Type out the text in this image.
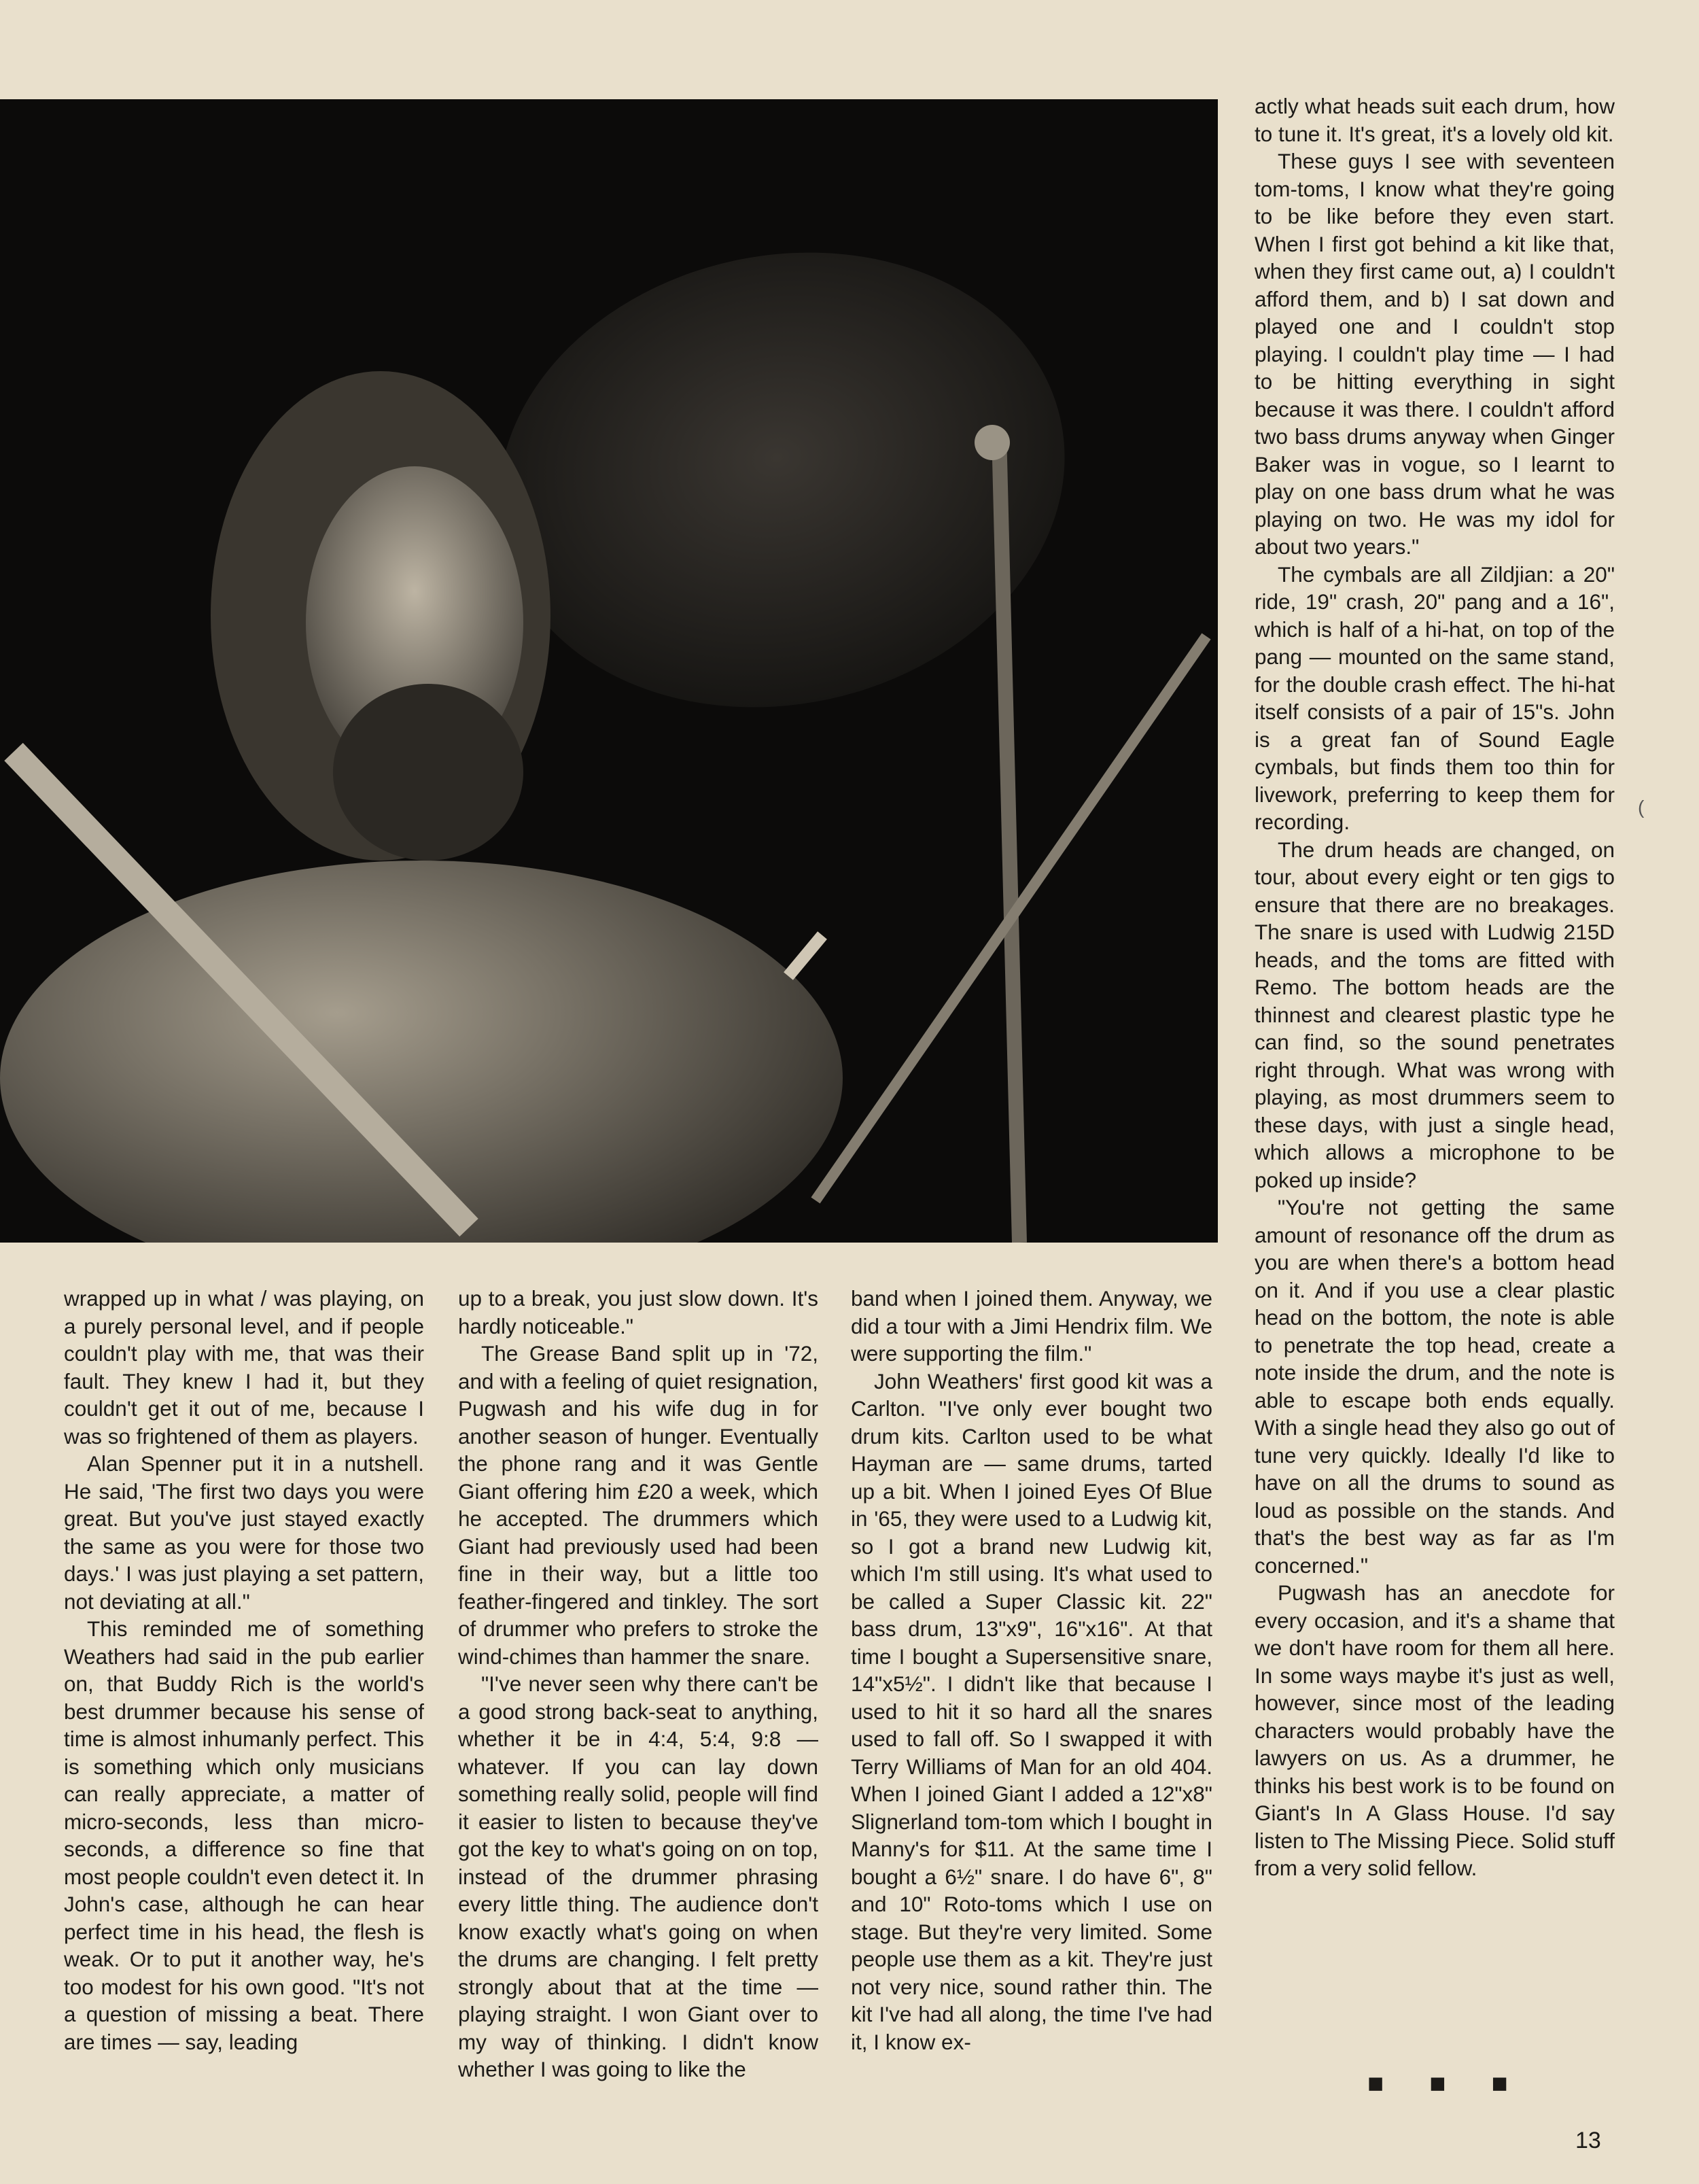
wrapped up in what / was playing, on a purely personal level, and if people couldn't play with me, that was their fault. They knew I had it, but they couldn't get it out of me, because I was so frightened of them as players.

Alan Spenner put it in a nutshell. He said, 'The first two days you were great. But you've just stayed exactly the same as you were for those two days.' I was just playing a set pattern, not deviating at all."

This reminded me of something Weathers had said in the pub earlier on, that Buddy Rich is the world's best drummer because his sense of time is almost inhumanly perfect. This is something which only musicians can really appreciate, a matter of micro-seconds, less than micro-seconds, a difference so fine that most people couldn't even detect it. In John's case, although he can hear perfect time in his head, the flesh is weak. Or to put it another way, he's too modest for his own good. "It's not a question of missing a beat. There are times — say, leading

up to a break, you just slow down. It's hardly noticeable."

The Grease Band split up in '72, and with a feeling of quiet resignation, Pugwash and his wife dug in for another season of hunger. Eventually the phone rang and it was Gentle Giant offering him £20 a week, which he accepted. The drummers which Giant had previously used had been fine in their way, but a little too feather-fingered and tinkley. The sort of drummer who prefers to stroke the wind-chimes than hammer the snare.

"I've never seen why there can't be a good strong back-seat to anything, whether it be in 4:4, 5:4, 9:8 — whatever. If you can lay down something really solid, people will find it easier to listen to because they've got the key to what's going on on top, instead of the drummer phrasing every little thing. The audience don't know exactly what's going on when the drums are changing. I felt pretty strongly about that at the time — playing straight. I won Giant over to my way of thinking. I didn't know whether I was going to like the

band when I joined them. Anyway, we did a tour with a Jimi Hendrix film. We were supporting the film."

John Weathers' first good kit was a Carlton. "I've only ever bought two drum kits. Carlton used to be what Hayman are — same drums, tarted up a bit. When I joined Eyes Of Blue in '65, they were used to a Ludwig kit, so I got a brand new Ludwig kit, which I'm still using. It's what used to be called a Super Classic kit. 22" bass drum, 13"x9", 16"x16". At that time I bought a Supersensitive snare, 14"x5½". I didn't like that because I used to hit it so hard all the snares used to fall off. So I swapped it with Terry Williams of Man for an old 404. When I joined Giant I added a 12"x8" Slignerland tom-tom which I bought in Manny's for $11. At the same time I bought a 6½" snare. I do have 6", 8" and 10" Roto-toms which I use on stage. But they're very limited. Some people use them as a kit. They're just not very nice, sound rather thin. The kit I've had all along, the time I've had it, I know ex-

actly what heads suit each drum, how to tune it. It's great, it's a lovely old kit.

These guys I see with seventeen tom-toms, I know what they're going to be like before they even start. When I first got behind a kit like that, when they first came out, a) I couldn't afford them, and b) I sat down and played one and I couldn't stop playing. I couldn't play time — I had to be hitting everything in sight because it was there. I couldn't afford two bass drums anyway when Ginger Baker was in vogue, so I learnt to play on one bass drum what he was playing on two. He was my idol for about two years."

The cymbals are all Zildjian: a 20" ride, 19" crash, 20" pang and a 16", which is half of a hi-hat, on top of the pang — mounted on the same stand, for the double crash effect. The hi-hat itself consists of a pair of 15"s. John is a great fan of Sound Eagle cymbals, but finds them too thin for livework, preferring to keep them for recording.

The drum heads are changed, on tour, about every eight or ten gigs to ensure that there are no breakages. The snare is used with Ludwig 215D heads, and the toms are fitted with Remo. The bottom heads are the thinnest and clearest plastic type he can find, so the sound penetrates right through. What was wrong with playing, as most drummers seem to these days, with just a single head, which allows a microphone to be poked up inside?

"You're not getting the same amount of resonance off the drum as you are when there's a bottom head on it. And if you use a clear plastic head on the bottom, the note is able to penetrate the top head, create a note inside the drum, and the note is able to escape both ends equally. With a single head they also go out of tune very quickly. Ideally I'd like to have on all the drums to sound as loud as possible on the stands. And that's the best way as far as I'm concerned."

Pugwash has an anecdote for every occasion, and it's a shame that we don't have room for them all here. In some ways maybe it's just as well, however, since most of the leading characters would probably have the lawyers on us. As a drummer, he thinks his best work is to be found on Giant's In A Glass House. I'd say listen to The Missing Piece. Solid stuff from a very solid fellow.

(
■ ■ ■
13
